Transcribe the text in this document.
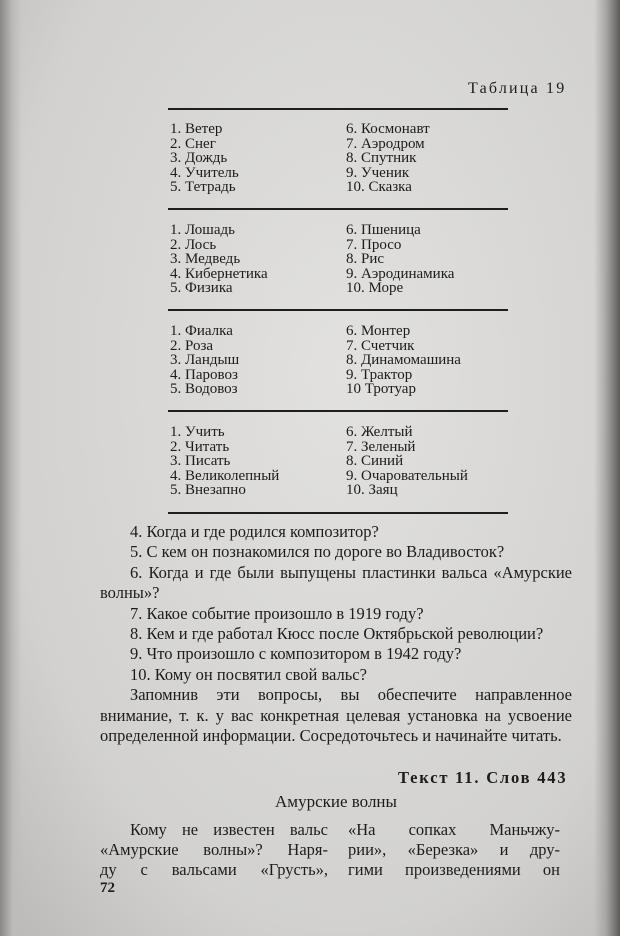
Таблица 19
1. Ветер
2. Снег
3. Дождь
4. Учитель
5. Тетрадь
6. Космонавт
7. Аэродром
8. Спутник
9. Ученик
10. Сказка
1. Лошадь
2. Лось
3. Медведь
4. Кибернетика
5. Физика
6. Пшеница
7. Просо
8. Рис
9. Аэродинамика
10. Море
1. Фиалка
2. Роза
3. Ландыш
4. Паровоз
5. Водовоз
6. Монтер
7. Счетчик
8. Динамомашина
9. Трактор
10 Тротуар
1. Учить
2. Читать
3. Писать
4. Великолепный
5. Внезапно
6. Желтый
7. Зеленый
8. Синий
9. Очаровательный
10. Заяц

4. Когда и где родился композитор?

5. С кем он познакомился по дороге во Владивосток?

6. Когда и где были выпущены пластинки вальса «Амурские волны»?

7. Какое событие произошло в 1919 году?

8. Кем и где работал Кюсс после Октябрьской революции?

9. Что произошло с композитором в 1942 году?

10. Кому он посвятил свой вальс?

Запомнив эти вопросы, вы обеспечите направленное внимание, т. к. у вас конкретная целевая установка на усвоение определенной информации. Сосредоточьтесь и начинайте читать.

Текст 11. Слов 443
Амурские волны
Кому не известен вальс
«Амурские волны»? Наря-
ду с вальсами «Грусть»,
«На сопках Маньчжу-
рии», «Березка» и дру-
гими произведениями он
72
